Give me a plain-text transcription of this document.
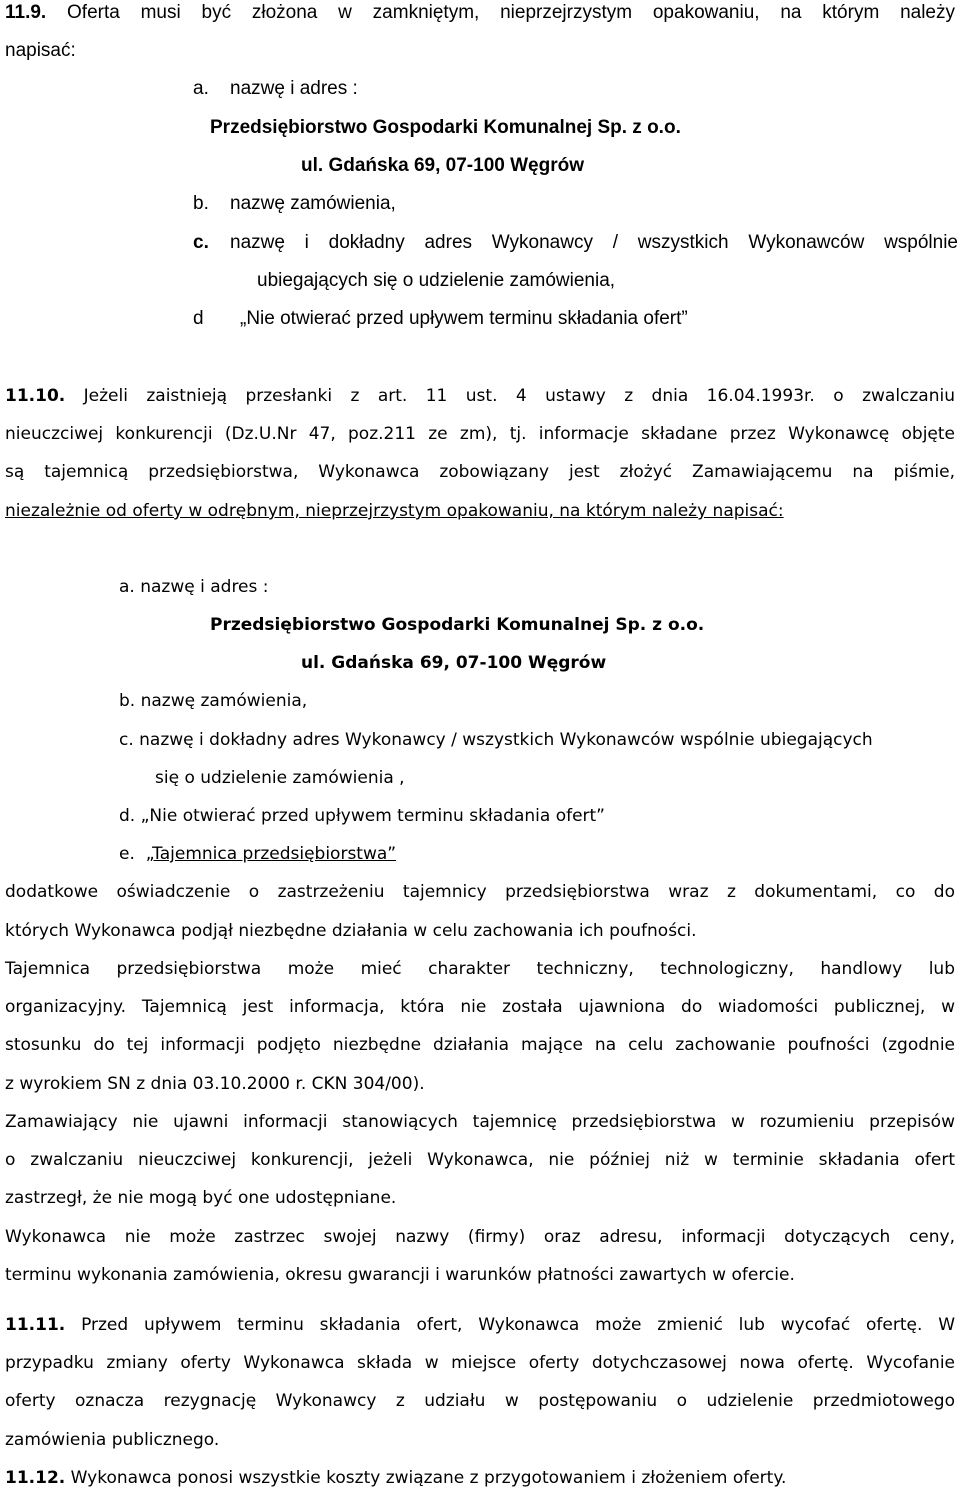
11.9. Oferta musi być złożona w zamkniętym, nieprzejrzystym opakowaniu, na którym należy
napisać:
a. nazwę i adres :
Przedsiębiorstwo Gospodarki Komunalnej Sp. z o.o.
ul. Gdańska 69, 07-100 Węgrów
b. nazwę zamówienia,
c. nazwę i dokładny adres Wykonawcy / wszystkich Wykonawców wspólnie
ubiegających się o udzielenie zamówienia,
d „Nie otwierać przed upływem terminu składania ofert”
11.10. Jeżeli zaistnieją przesłanki z art. 11 ust. 4 ustawy z dnia 16.04.1993r. o zwalczaniu
nieuczciwej konkurencji (Dz.U.Nr 47, poz.211 ze zm), tj. informacje składane przez Wykonawcę objęte
są tajemnicą przedsiębiorstwa, Wykonawca zobowiązany jest złożyć Zamawiającemu na piśmie,
niezależnie od oferty w odrębnym, nieprzejrzystym opakowaniu, na którym należy napisać:
a. nazwę i adres :
Przedsiębiorstwo Gospodarki Komunalnej Sp. z o.o.
ul. Gdańska 69, 07-100 Węgrów
b. nazwę zamówienia,
c. nazwę i dokładny adres Wykonawcy / wszystkich Wykonawców wspólnie ubiegających
się o udzielenie zamówienia ,
d. „Nie otwierać przed upływem terminu składania ofert”
e. „Tajemnica przedsiębiorstwa”
dodatkowe oświadczenie o zastrzeżeniu tajemnicy przedsiębiorstwa wraz z dokumentami, co do
których Wykonawca podjął niezbędne działania w celu zachowania ich poufności.
Tajemnica przedsiębiorstwa może mieć charakter techniczny, technologiczny, handlowy lub
organizacyjny. Tajemnicą jest informacja, która nie została ujawniona do wiadomości publicznej, w
stosunku do tej informacji podjęto niezbędne działania mające na celu zachowanie poufności (zgodnie
z wyrokiem SN z dnia 03.10.2000 r. CKN 304/00).
Zamawiający nie ujawni informacji stanowiących tajemnicę przedsiębiorstwa w rozumieniu przepisów
o zwalczaniu nieuczciwej konkurencji, jeżeli Wykonawca, nie później niż w terminie składania ofert
zastrzegł, że nie mogą być one udostępniane.
Wykonawca nie może zastrzec swojej nazwy (firmy) oraz adresu, informacji dotyczących ceny,
terminu wykonania zamówienia, okresu gwarancji i warunków płatności zawartych w ofercie.
11.11. Przed upływem terminu składania ofert, Wykonawca może zmienić lub wycofać ofertę. W
przypadku zmiany oferty Wykonawca składa w miejsce oferty dotychczasowej nowa ofertę. Wycofanie
oferty oznacza rezygnację Wykonawcy z udziału w postępowaniu o udzielenie przedmiotowego
zamówienia publicznego.
11.12. Wykonawca ponosi wszystkie koszty związane z przygotowaniem i złożeniem oferty.
